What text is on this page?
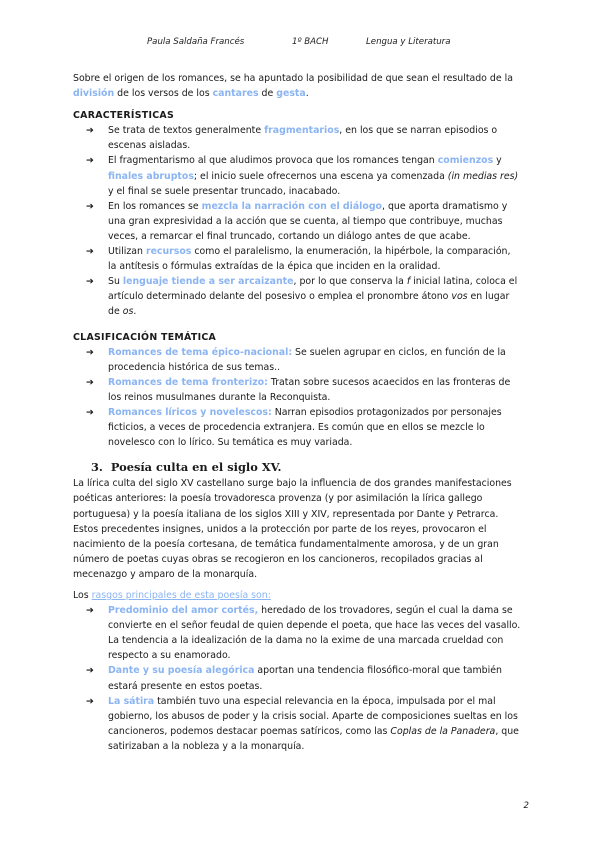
Paula Saldaña Francés	1º BACH	Lengua y Literatura

Sobre el origen de los romances, se ha apuntado la posibilidad de que sean el resultado de la división de los versos de los cantares de gesta.

CARACTERÍSTICAS

➔ Se trata de textos generalmente fragmentarios, en los que se narran episodios o escenas aisladas.
➔ El fragmentarismo al que aludimos provoca que los romances tengan comienzos y finales abruptos; el inicio suele ofrecernos una escena ya comenzada (in medias res) y el final se suele presentar truncado, inacabado.
➔ En los romances se mezcla la narración con el diálogo, que aporta dramatismo y una gran expresividad a la acción que se cuenta, al tiempo que contribuye, muchas veces, a remarcar el final truncado, cortando un diálogo antes de que acabe.
➔ Utilizan recursos como el paralelismo, la enumeración, la hipérbole, la comparación, la antítesis o fórmulas extraídas de la épica que inciden en la oralidad.
➔ Su lenguaje tiende a ser arcaizante, por lo que conserva la f inicial latina, coloca el artículo determinado delante del posesivo o emplea el pronombre átono vos en lugar de os.

CLASIFICACIÓN TEMÁTICA

➔ Romances de tema épico-nacional: Se suelen agrupar en ciclos, en función de la procedencia histórica de sus temas..
➔ Romances de tema fronterizo: Tratan sobre sucesos acaecidos en las fronteras de los reinos musulmanes durante la Reconquista.
➔ Romances líricos y novelescos: Narran episodios protagonizados por personajes ficticios, a veces de procedencia extranjera. Es común que en ellos se mezcle lo novelesco con lo lírico. Su temática es muy variada.

3. Poesía culta en el siglo XV.

La lírica culta del siglo XV castellano surge bajo la influencia de dos grandes manifestaciones poéticas anteriores: la poesía trovadoresca provenza (y por asimilación la lírica gallego portuguesa) y la poesía italiana de los siglos XIII y XIV, representada por Dante y Petrarca.

Estos precedentes insignes, unidos a la protección por parte de los reyes, provocaron el nacimiento de la poesía cortesana, de temática fundamentalmente amorosa, y de un gran número de poetas cuyas obras se recogieron en los cancioneros, recopilados gracias al mecenazgo y amparo de la monarquía.

Los rasgos principales de esta poesía son:

➔ Predominio del amor cortés, heredado de los trovadores, según el cual la dama se convierte en el señor feudal de quien depende el poeta, que hace las veces del vasallo. La tendencia a la idealización de la dama no la exime de una marcada crueldad con respecto a su enamorado.
➔ Dante y su poesía alegórica aportan una tendencia filosófico-moral que también estará presente en estos poetas.
➔ La sátira también tuvo una especial relevancia en la época, impulsada por el mal gobierno, los abusos de poder y la crisis social. Aparte de composiciones sueltas en los cancioneros, podemos destacar poemas satíricos, como las Coplas de la Panadera, que satirizaban a la nobleza y a la monarquía.
2
